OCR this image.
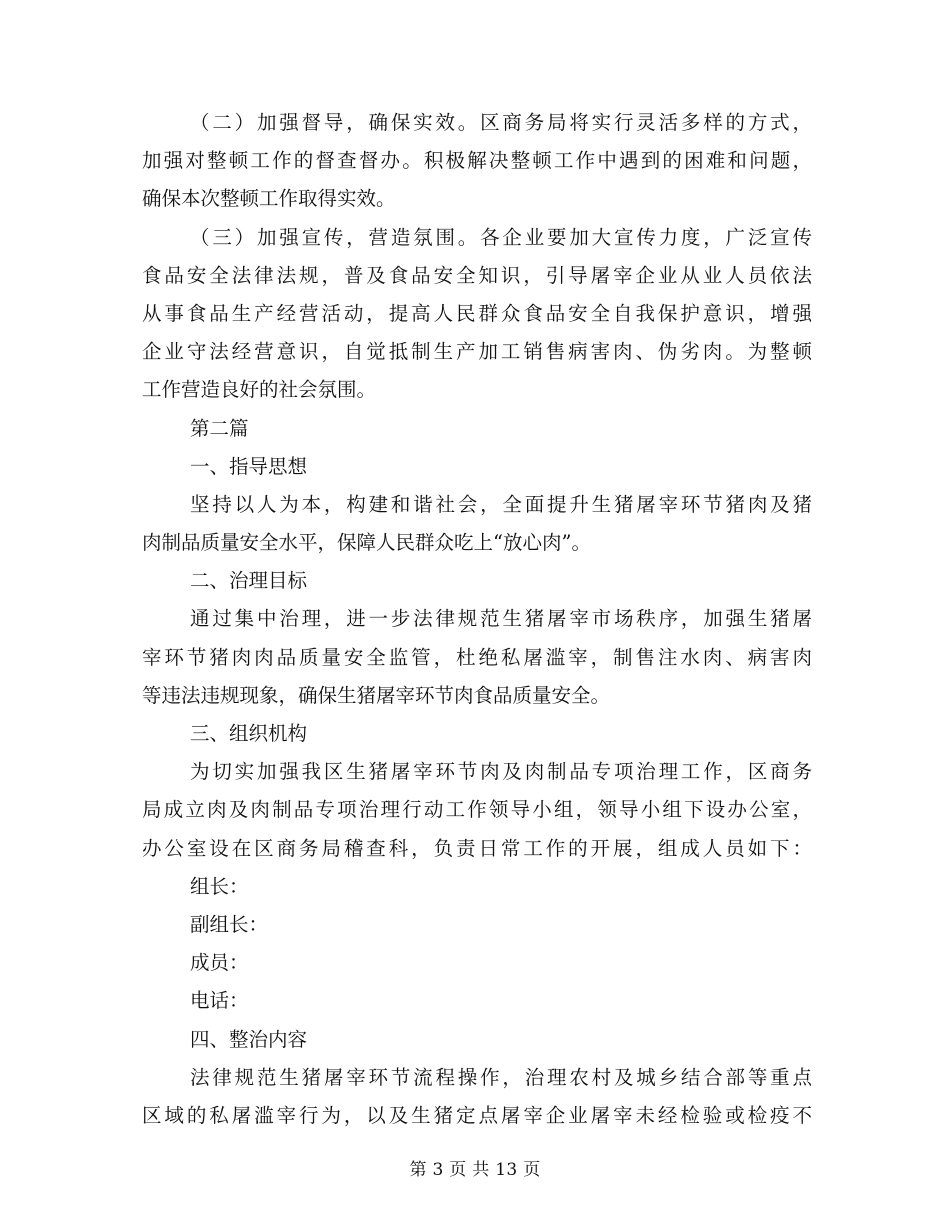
（二）加强督导，确保实效。区商务局将实行灵活多样的方式，
加强对整顿工作的督查督办。积极解决整顿工作中遇到的困难和问题，
确保本次整顿工作取得实效。
（三）加强宣传，营造氛围。各企业要加大宣传力度，广泛宣传
食品安全法律法规，普及食品安全知识，引导屠宰企业从业人员依法
从事食品生产经营活动，提高人民群众食品安全自我保护意识，增强
企业守法经营意识，自觉抵制生产加工销售病害肉、伪劣肉。为整顿
工作营造良好的社会氛围。
第二篇
一、指导思想
坚持以人为本，构建和谐社会，全面提升生猪屠宰环节猪肉及猪
肉制品质量安全水平，保障人民群众吃上“放心肉”。
二、治理目标
通过集中治理，进一步法律规范生猪屠宰市场秩序，加强生猪屠
宰环节猪肉肉品质量安全监管，杜绝私屠滥宰，制售注水肉、病害肉
等违法违规现象，确保生猪屠宰环节肉食品质量安全。
三、组织机构
为切实加强我区生猪屠宰环节肉及肉制品专项治理工作，区商务
局成立肉及肉制品专项治理行动工作领导小组，领导小组下设办公室，
办公室设在区商务局稽查科，负责日常工作的开展，组成人员如下：
组长：
副组长：
成员：
电话：
四、整治内容
法律规范生猪屠宰环节流程操作，治理农村及城乡结合部等重点
区域的私屠滥宰行为，以及生猪定点屠宰企业屠宰未经检验或检疫不
第 3 页 共 13 页
